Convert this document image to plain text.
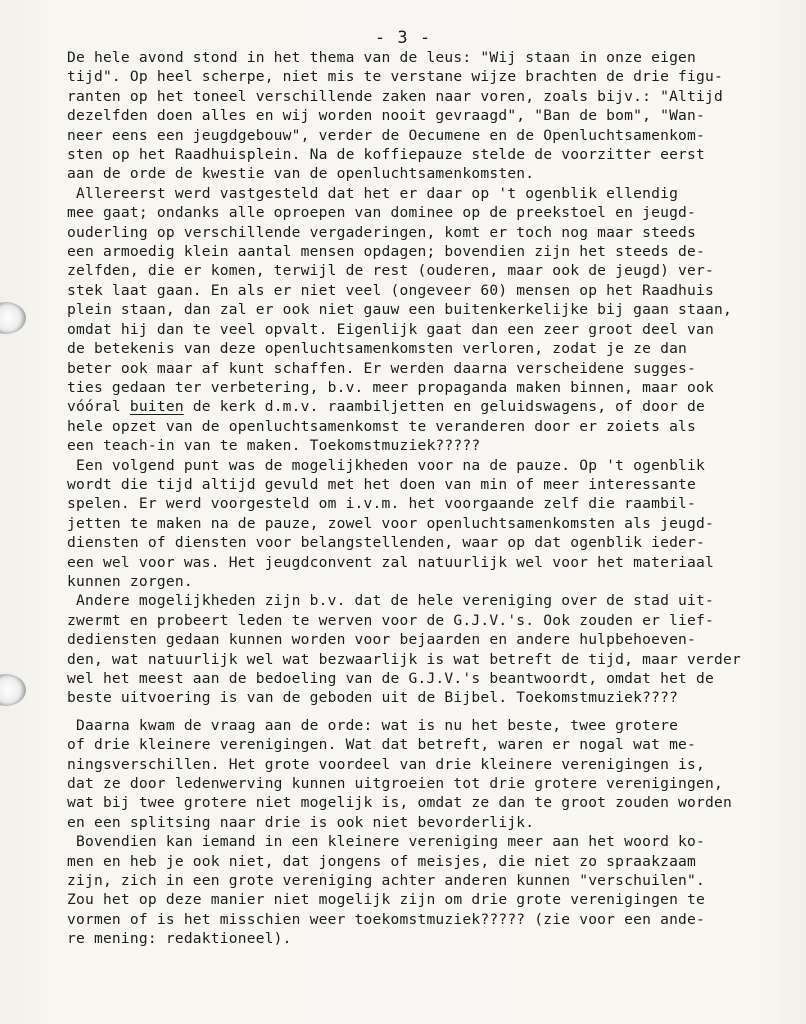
- 3 -
De hele avond stond in het thema van de leus: "Wij staan in onze eigen
tijd". Op heel scherpe, niet mis te verstane wijze brachten de drie figu-
ranten op het toneel verschillende zaken naar voren, zoals bijv.: "Altijd
dezelfden doen alles en wij worden nooit gevraagd", "Ban de bom", "Wan-
neer eens een jeugdgebouw", verder de Oecumene en de Openluchtsamenkom-
sten op het Raadhuisplein. Na de koffiepauze stelde de voorzitter eerst
aan de orde de kwestie van de openluchtsamenkomsten.
Allereerst werd vastgesteld dat het er daar op 't ogenblik ellendig
mee gaat; ondanks alle oproepen van dominee op de preekstoel en jeugd-
ouderling op verschillende vergaderingen, komt er toch nog maar steeds
een armoedig klein aantal mensen opdagen; bovendien zijn het steeds de-
zelfden, die er komen, terwijl de rest (ouderen, maar ook de jeugd) ver-
stek laat gaan. En als er niet veel (ongeveer 60) mensen op het Raadhuis
plein staan, dan zal er ook niet gauw een buitenkerkelijke bij gaan staan,
omdat hij dan te veel opvalt. Eigenlijk gaat dan een zeer groot deel van
de betekenis van deze openluchtsamenkomsten verloren, zodat je ze dan
beter ook maar af kunt schaffen. Er werden daarna verscheidene sugges-
ties gedaan ter verbetering, b.v. meer propaganda maken binnen, maar ook
vóóral buiten de kerk d.m.v. raambiljetten en geluidswagens, of door de
hele opzet van de openluchtsamenkomst te veranderen door er zoiets als
een teach-in van te maken. Toekomstmuziek?????
Een volgend punt was de mogelijkheden voor na de pauze. Op 't ogenblik
wordt die tijd altijd gevuld met het doen van min of meer interessante
spelen. Er werd voorgesteld om i.v.m. het voorgaande zelf die raambil-
jetten te maken na de pauze, zowel voor openluchtsamenkomsten als jeugd-
diensten of diensten voor belangstellenden, waar op dat ogenblik ieder-
een wel voor was. Het jeugdconvent zal natuurlijk wel voor het materiaal
kunnen zorgen.
Andere mogelijkheden zijn b.v. dat de hele vereniging over de stad uit-
zwermt en probeert leden te werven voor de G.J.V.'s. Ook zouden er lief-
dediensten gedaan kunnen worden voor bejaarden en andere hulpbehoeven-
den, wat natuurlijk wel wat bezwaarlijk is wat betreft de tijd, maar verder
wel het meest aan de bedoeling van de G.J.V.'s beantwoordt, omdat het de
beste uitvoering is van de geboden uit de Bijbel. Toekomstmuziek????
Daarna kwam de vraag aan de orde: wat is nu het beste, twee grotere
of drie kleinere verenigingen. Wat dat betreft, waren er nogal wat me-
ningsverschillen. Het grote voordeel van drie kleinere verenigingen is,
dat ze door ledenwerving kunnen uitgroeien tot drie grotere verenigingen,
wat bij twee grotere niet mogelijk is, omdat ze dan te groot zouden worden
en een splitsing naar drie is ook niet bevorderlijk.
Bovendien kan iemand in een kleinere vereniging meer aan het woord ko-
men en heb je ook niet, dat jongens of meisjes, die niet zo spraakzaam
zijn, zich in een grote vereniging achter anderen kunnen "verschuilen".
Zou het op deze manier niet mogelijk zijn om drie grote verenigingen te
vormen of is het misschien weer toekomstmuziek????? (zie voor een ande-
re mening: redaktioneel).
